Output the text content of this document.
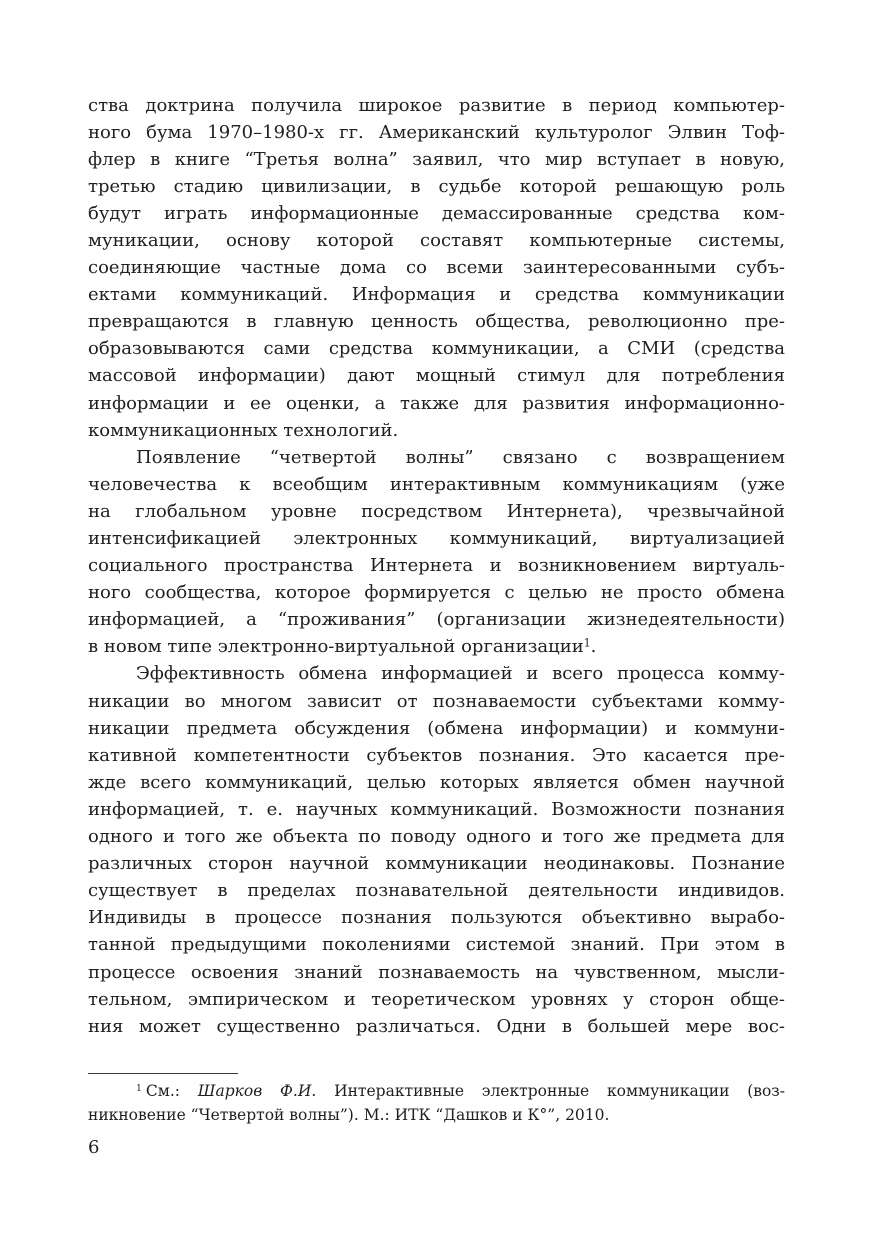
ства доктрина получила широкое развитие в период компьютер-
ного бума 1970–1980-х гг. Американский культуролог Элвин Тоф-
флер в книге “Третья волна” заявил, что мир вступает в новую,
третью стадию цивилизации, в судьбе которой решающую роль
будут играть информационные демассированные средства ком-
муникации, основу которой составят компьютерные системы,
соединяющие частные дома со всеми заинтересованными субъ-
ектами коммуникаций. Информация и средства коммуникации
превращаются в главную ценность общества, революционно пре-
образовываются сами средства коммуникации, а СМИ (средства
массовой информации) дают мощный стимул для потребления
информации и ее оценки, а также для развития информационно-
коммуникационных технологий.
Появление “четвертой волны” связано с возвращением
человечества к всеобщим интерактивным коммуникациям (уже
на глобальном уровне посредством Интернета), чрезвычайной
интенсификацией электронных коммуникаций, виртуализацией
социального пространства Интернета и возникновением виртуаль-
ного сообщества, которое формируется с целью не просто обмена
информацией, а “проживания” (организации жизнедеятельности)
в новом типе электронно-виртуальной организации$^1$.
Эффективность обмена информацией и всего процесса комму-
никации во многом зависит от познаваемости субъектами комму-
никации предмета обсуждения (обмена информации) и коммуни-
кативной компетентности субъектов познания. Это касается пре-
жде всего коммуникаций, целью которых является обмен научной
информацией, т. е. научных коммуникаций. Возможности познания
одного и того же объекта по поводу одного и того же предмета для
различных сторон научной коммуникации неодинаковы. Познание
существует в пределах познавательной деятельности индивидов.
Индивиды в процессе познания пользуются объективно вырабо-
танной предыдущими поколениями системой знаний. При этом в
процессе освоения знаний познаваемость на чувственном, мысли-
тельном, эмпирическом и теоретическом уровнях у сторон обще-
ния может существенно различаться. Одни в большей мере вос-
$^1$ См.: Шарков Ф.И. Интерактивные электронные коммуникации (воз-
никновение “Четвертой волны”). М.: ИТК “Дашков и К°”, 2010.
6
